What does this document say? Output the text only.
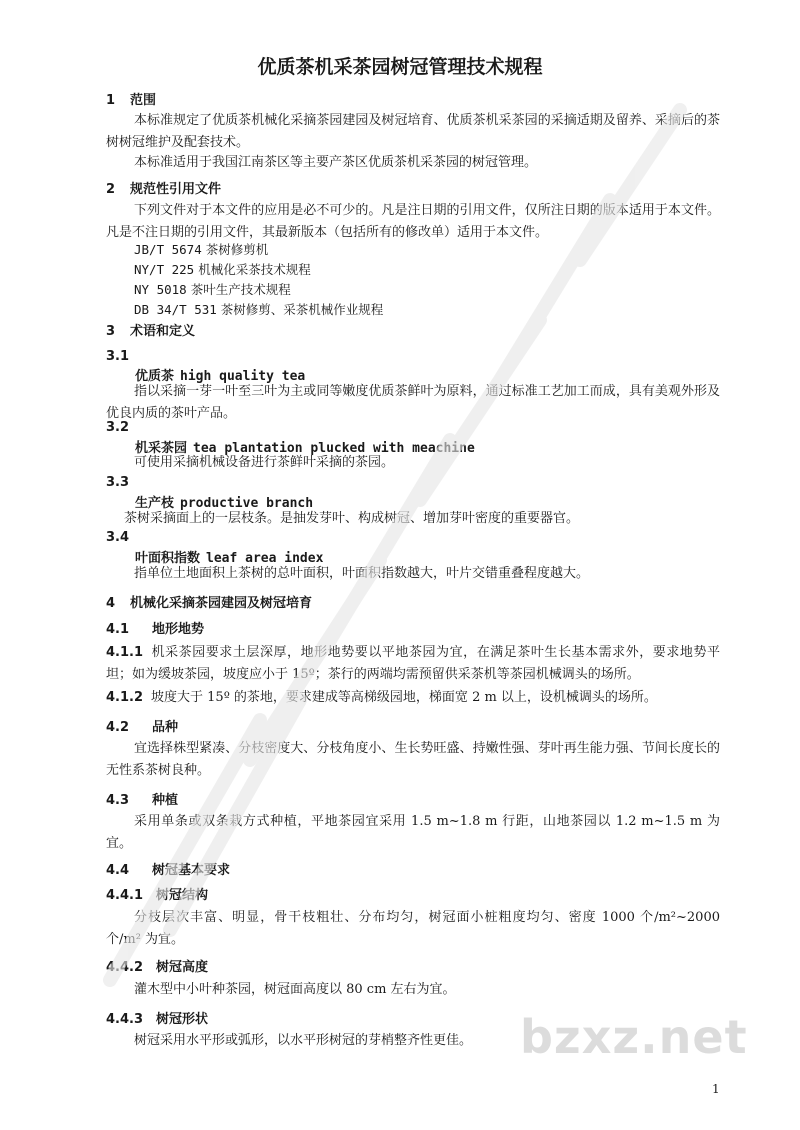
优质茶机采茶园树冠管理技术规程
1 范围
本标准规定了优质茶机械化采摘茶园建园及树冠培育、优质茶机采茶园的采摘适期及留养、采摘后的茶树树冠维护及配套技术。
本标准适用于我国江南茶区等主要产茶区优质茶机采茶园的树冠管理。
2 规范性引用文件
下列文件对于本文件的应用是必不可少的。凡是注日期的引用文件，仅所注日期的版本适用于本文件。凡是不注日期的引用文件，其最新版本（包括所有的修改单）适用于本文件。
JB/T 5674 茶树修剪机
NY/T 225 机械化采茶技术规程
NY 5018 茶叶生产技术规程
DB 34/T 531 茶树修剪、采茶机械作业规程
3 术语和定义
3.1
优质茶 high quality tea
指以采摘一芽一叶至三叶为主或同等嫩度优质茶鲜叶为原料，通过标准工艺加工而成，具有美观外形及优良内质的茶叶产品。
3.2
机采茶园 tea plantation plucked with meachine
可使用采摘机械设备进行茶鲜叶采摘的茶园。
3.3
生产枝 productive branch
茶树采摘面上的一层枝条。是抽发芽叶、构成树冠、增加芽叶密度的重要器官。
3.4
叶面积指数 leaf area index
指单位土地面积上茶树的总叶面积，叶面积指数越大，叶片交错重叠程度越大。
4 机械化采摘茶园建园及树冠培育
4.1 地形地势
4.1.1 机采茶园要求土层深厚，地形地势要以平地茶园为宜，在满足茶叶生长基本需求外，要求地势平坦；如为缓坡茶园，坡度应小于 15º；茶行的两端均需预留供采茶机等茶园机械调头的场所。
4.1.2 坡度大于 15º 的茶地，要求建成等高梯级园地，梯面宽 2 m 以上，设机械调头的场所。
4.2 品种
宜选择株型紧凑、分枝密度大、分枝角度小、生长势旺盛、持嫩性强、芽叶再生能力强、节间长度长的无性系茶树良种。
4.3 种植
采用单条或双条栽方式种植，平地茶园宜采用 1.5 m~1.8 m 行距，山地茶园以 1.2 m~1.5 m 为宜。
4.4 树冠基本要求
4.4.1 树冠结构
分枝层次丰富、明显，骨干枝粗壮、分布均匀，树冠面小桩粗度均匀、密度 1000 个/m²~2000 个/m² 为宜。
4.4.2 树冠高度
灌木型中小叶种茶园，树冠面高度以 80 cm 左右为宜。
4.4.3 树冠形状
树冠采用水平形或弧形，以水平形树冠的芽梢整齐性更佳。
1
bzxz.net
